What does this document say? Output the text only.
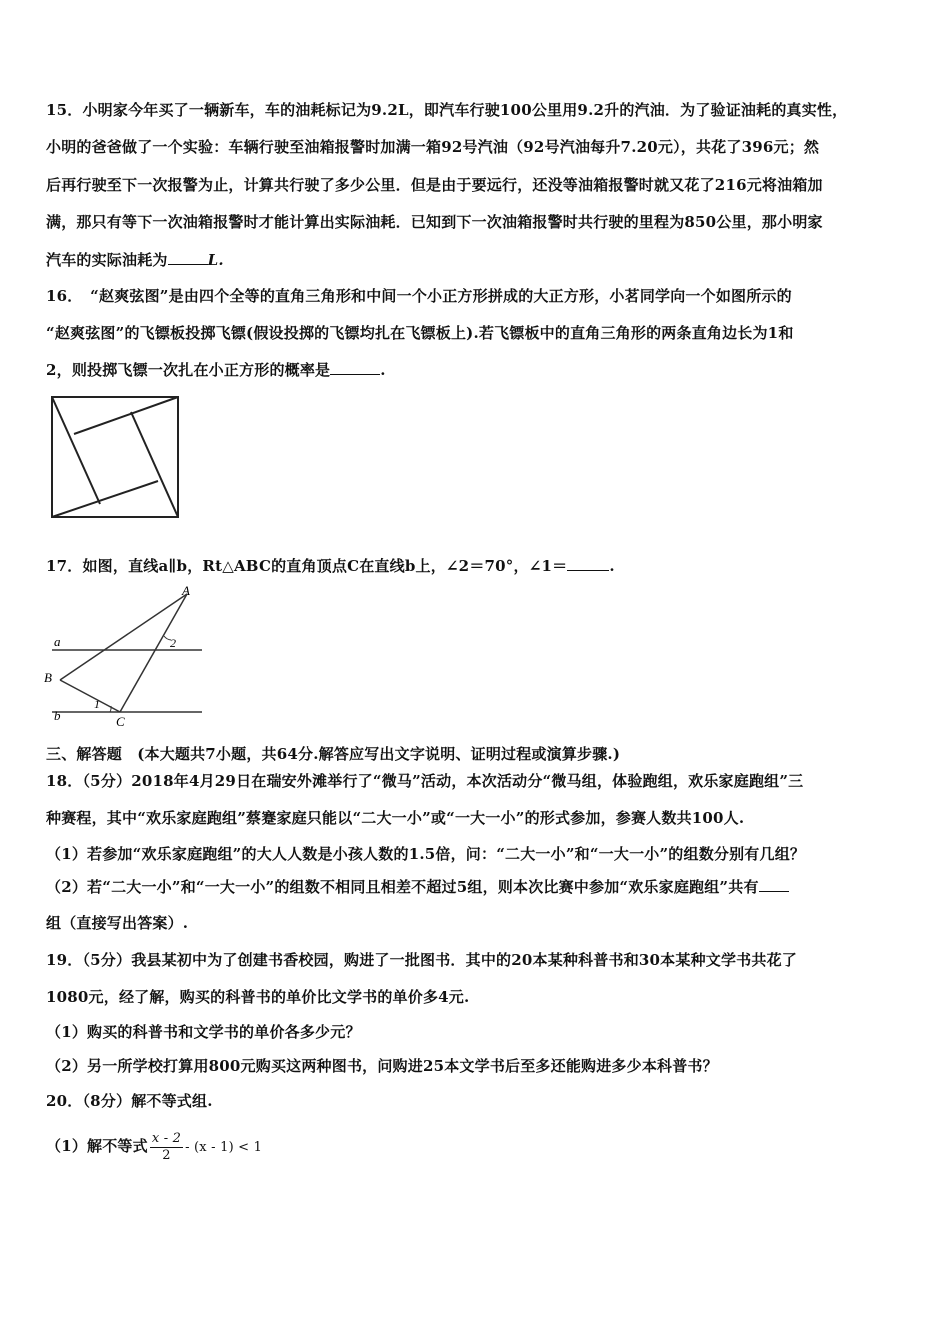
15．小明家今年买了一辆新车，车的油耗标记为9.2L，即汽车行驶100公里用9.2升的汽油．为了验证油耗的真实性，
小明的爸爸做了一个实验：车辆行驶至油箱报警时加满一箱92号汽油（92号汽油每升7.20元），共花了396元；然
后再行驶至下一次报警为止，计算共行驶了多少公里．但是由于要远行，还没等油箱报警时就又花了216元将油箱加
满，那只有等下一次油箱报警时才能计算出实际油耗．已知到下一次油箱报警时共行驶的里程为850公里，那小明家
汽车的实际油耗为	L.
16．　“赵爽弦图”是由四个全等的直角三角形和中间一个小正方形拼成的大正方形，小茗同学向一个如图所示的
“赵爽弦图”的飞镖板投掷飞镖(假设投掷的飞镖均扎在飞镖板上).若飞镖板中的直角三角形的两条直角边长为1和
2，则投掷飞镖一次扎在小正方形的概率是	.
17．如图，直线a∥b，Rt△ABC的直角顶点C在直线b上，∠2＝70°，∠1＝	.
A
B
C
a
b
1
2
三、解答题　(本大题共7小题，共64分.解答应写出文字说明、证明过程或演算步骤.)
18．（5分）2018年4月29日在瑞安外滩举行了“微马”活动，本次活动分“微马组，体验跑组，欢乐家庭跑组”三
种赛程，其中“欢乐家庭跑组”蔡蹇家庭只能以“二大一小”或“一大一小”的形式参加，参赛人数共100人.
（1）若参加“欢乐家庭跑组”的大人人数是小孩人数的1.5倍，问：“二大一小”和“一大一小”的组数分别有几组？
（2）若“二大一小”和“一大一小”的组数不相同且相差不超过5组，则本次比赛中参加“欢乐家庭跑组”共有
组（直接写出答案）.
19．（5分）我县某初中为了创建书香校园，购进了一批图书．其中的20本某种科普书和30本某种文学书共花了
1080元，经了解，购买的科普书的单价比文学书的单价多4元.
（1）购买的科普书和文学书的单价各多少元？
（2）另一所学校打算用800元购买这两种图书，问购进25本文学书后至多还能购进多少本科普书？
20．（8分）解不等式组.
（1）解不等式 $\frac{x - 2}{2} - (x - 1) < 1$
